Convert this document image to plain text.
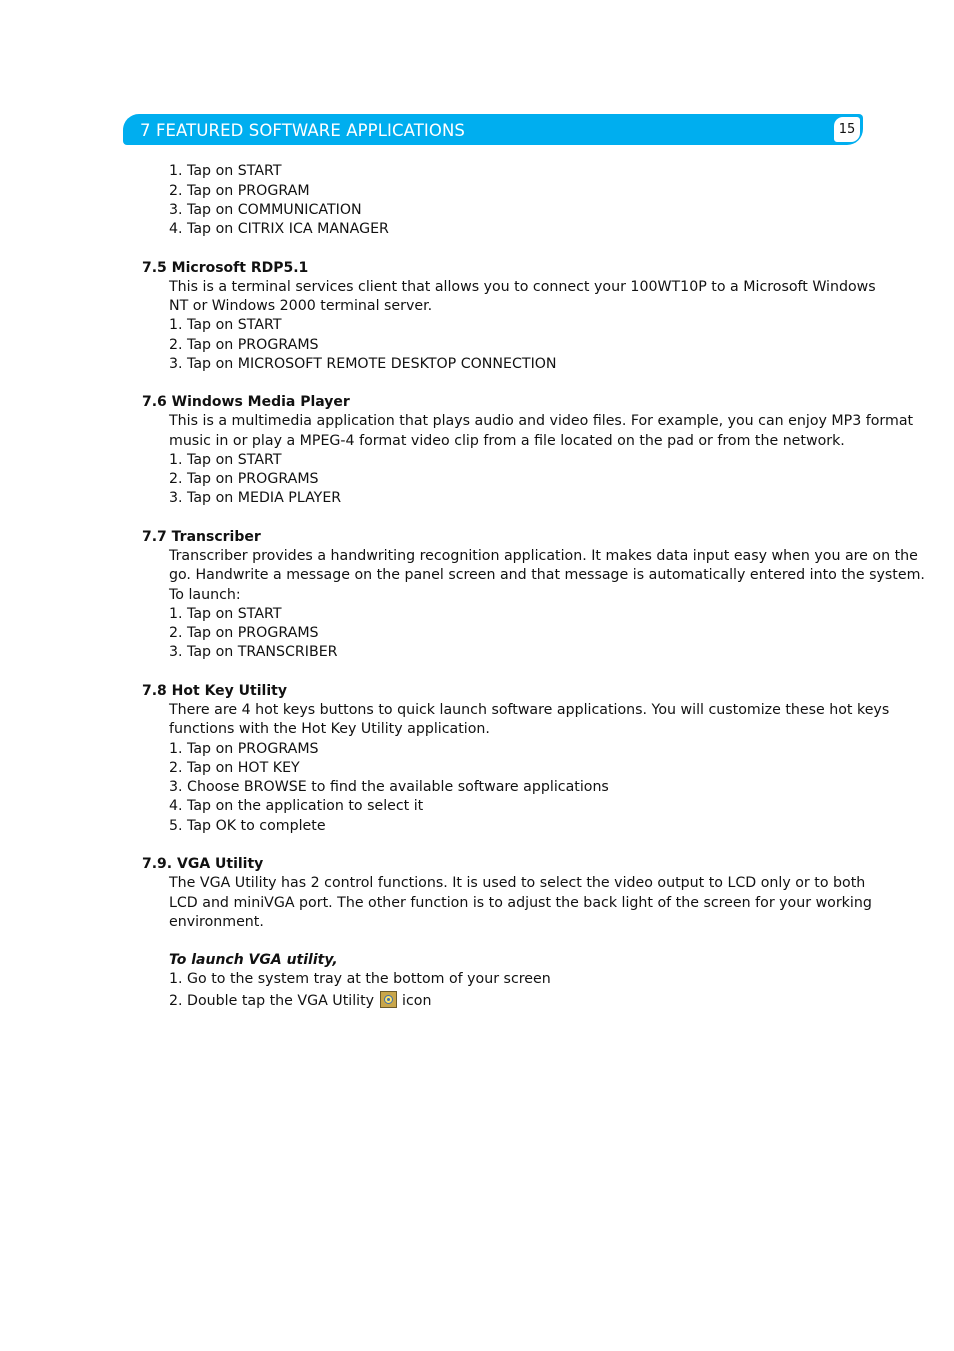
7 FEATURED SOFTWARE APPLICATIONS	15
1. Tap on START
2. Tap on PROGRAM
3. Tap on COMMUNICATION
4. Tap on CITRIX ICA MANAGER
7.5 Microsoft RDP5.1
This is a terminal services client that allows you to connect your 100WT10P to a Microsoft Windows
NT or Windows 2000 terminal server.
1. Tap on START
2. Tap on PROGRAMS
3. Tap on MICROSOFT REMOTE DESKTOP CONNECTION
7.6 Windows Media Player
This is a multimedia application that plays audio and video files. For example, you can enjoy MP3 format
music in or play a MPEG-4 format video clip from a file located on the pad or from the network.
1. Tap on START
2. Tap on PROGRAMS
3. Tap on MEDIA PLAYER
7.7 Transcriber
Transcriber provides a handwriting recognition application. It makes data input easy when you are on the
go. Handwrite a message on the panel screen and that message is automatically entered into the system.
To launch:
1. Tap on START
2. Tap on PROGRAMS
3. Tap on TRANSCRIBER
7.8 Hot Key Utility
There are 4 hot keys buttons to quick launch software applications. You will customize these hot keys
functions with the Hot Key Utility application.
1. Tap on PROGRAMS
2. Tap on HOT KEY
3. Choose BROWSE to find the available software applications
4. Tap on the application to select it
5. Tap OK to complete
7.9. VGA Utility
The VGA Utility has 2 control functions. It is used to select the video output to LCD only or to both
LCD and miniVGA port. The other function is to adjust the back light of the screen for your working
environment.
To launch VGA utility,
1. Go to the system tray at the bottom of your screen
2. Double tap the VGA Utility icon
